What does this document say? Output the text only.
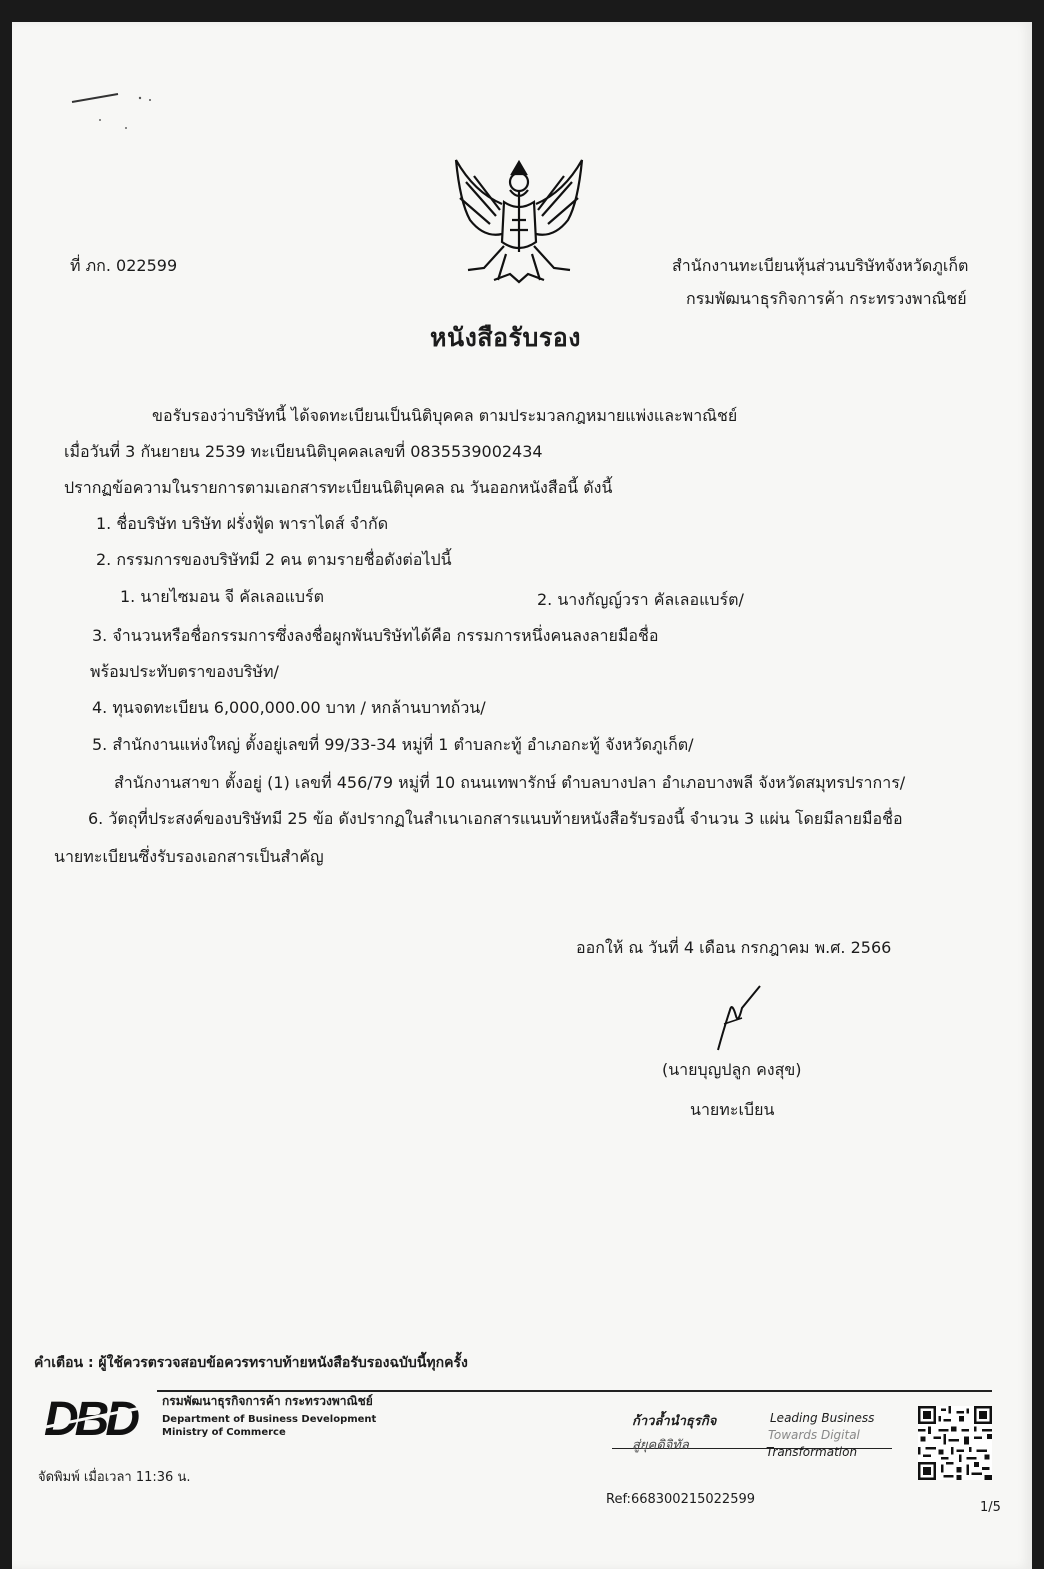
ที่ ภก. 022599	สำนักงานทะเบียนหุ้นส่วนบริษัทจังหวัดภูเก็ต
กรมพัฒนาธุรกิจการค้า กระทรวงพาณิชย์
หนังสือรับรอง
ขอรับรองว่าบริษัทนี้ ได้จดทะเบียนเป็นนิติบุคคล ตามประมวลกฎหมายแพ่งและพาณิชย์
เมื่อวันที่ 3 กันยายน 2539 ทะเบียนนิติบุคคลเลขที่ 0835539002434
ปรากฏข้อความในรายการตามเอกสารทะเบียนนิติบุคคล ณ วันออกหนังสือนี้ ดังนี้
1. ชื่อบริษัท บริษัท ฝรั่งฟู้ด พาราไดส์ จำกัด
2. กรรมการของบริษัทมี 2 คน ตามรายชื่อดังต่อไปนี้
1. นายไซมอน จี คัลเลอแบร์ต	2. นางกัญญ์วรา คัลเลอแบร์ต/
3. จำนวนหรือชื่อกรรมการซึ่งลงชื่อผูกพันบริษัทได้คือ กรรมการหนึ่งคนลงลายมือชื่อ
พร้อมประทับตราของบริษัท/
4. ทุนจดทะเบียน 6,000,000.00 บาท / หกล้านบาทถ้วน/
5. สำนักงานแห่งใหญ่ ตั้งอยู่เลขที่ 99/33-34 หมู่ที่ 1 ตำบลกะทู้ อำเภอกะทู้ จังหวัดภูเก็ต/
สำนักงานสาขา ตั้งอยู่ (1) เลขที่ 456/79 หมู่ที่ 10 ถนนเทพารักษ์ ตำบลบางปลา อำเภอบางพลี จังหวัดสมุทรปราการ/
6. วัตถุที่ประสงค์ของบริษัทมี 25 ข้อ ดังปรากฏในสำเนาเอกสารแนบท้ายหนังสือรับรองนี้ จำนวน 3 แผ่น โดยมีลายมือชื่อ
นายทะเบียนซึ่งรับรองเอกสารเป็นสำคัญ
ออกให้ ณ วันที่ 4 เดือน กรกฎาคม พ.ศ. 2566
(นายบุญปลูก คงสุข)
นายทะเบียน
คำเตือน : ผู้ใช้ควรตรวจสอบข้อควรทราบท้ายหนังสือรับรองฉบับนี้ทุกครั้ง
DBD กรมพัฒนาธุรกิจการค้า กระทรวงพาณิชย์
Department of Business Development
Ministry of Commerce
ก้าวล้ำนำธุรกิจ
สู่ยุคดิจิทัล
Leading Business
Towards Digital
Transformation
จัดพิมพ์ เมื่อเวลา 11:36 น.
Ref:668300215022599
1/5
